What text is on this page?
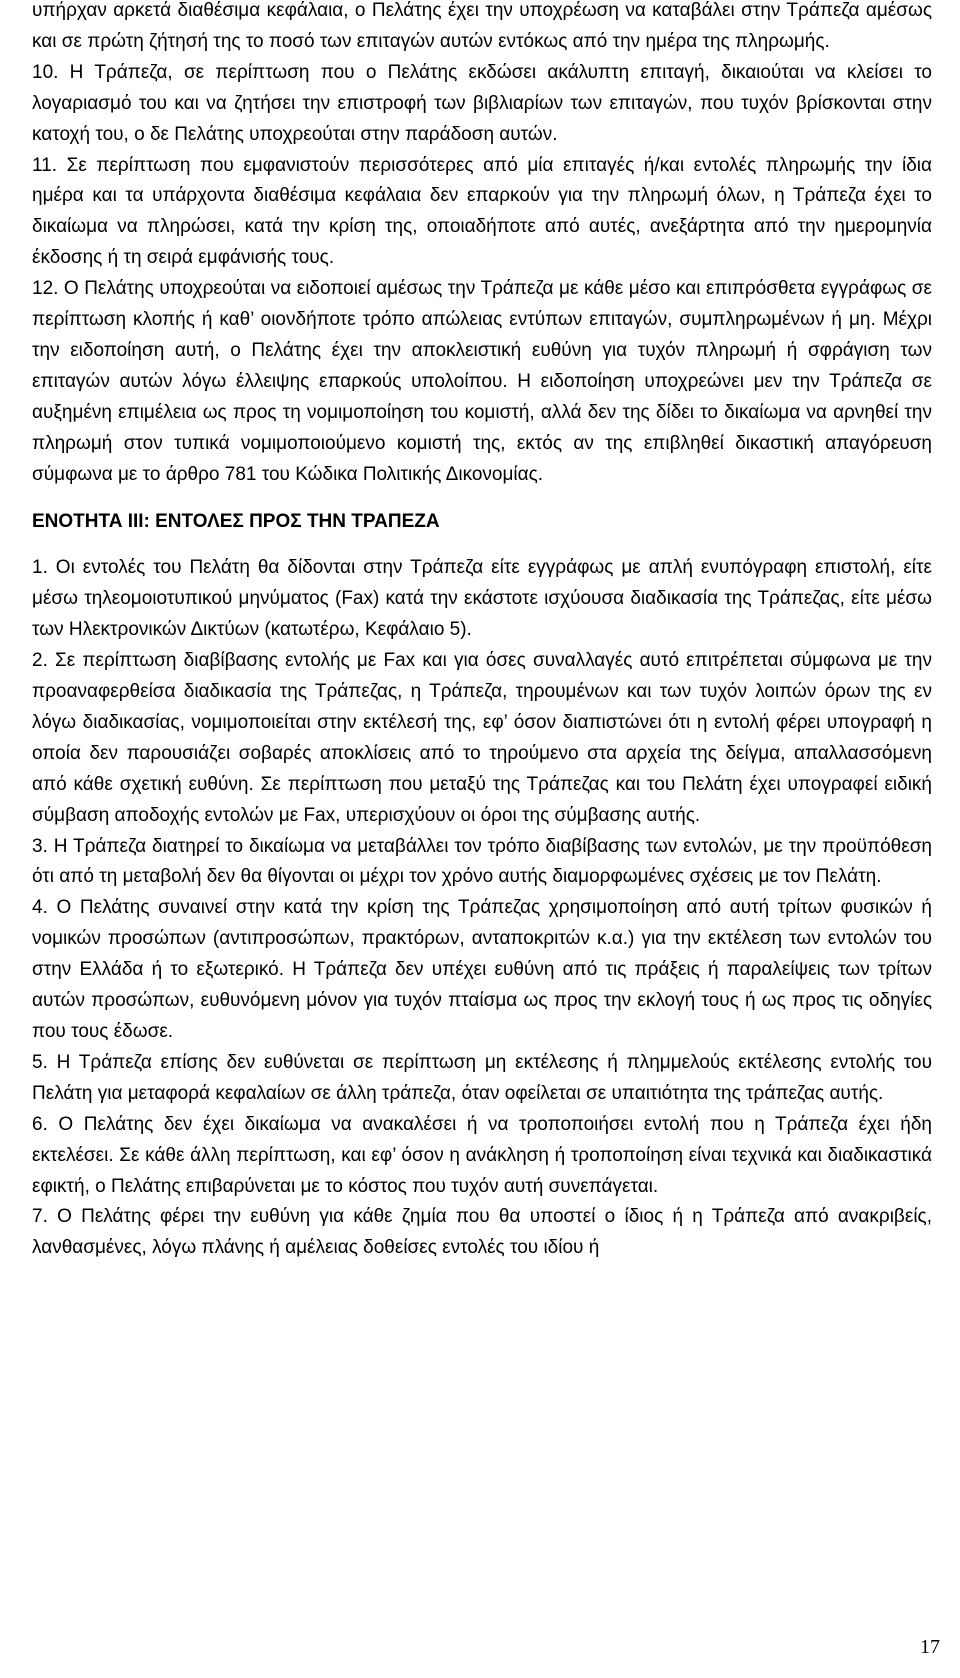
υπήρχαν αρκετά διαθέσιμα κεφάλαια, ο Πελάτης έχει την υποχρέωση να καταβάλει στην Τράπεζα αμέσως και σε πρώτη ζήτησή της το ποσό των επιταγών αυτών εντόκως από την ημέρα της πληρωμής.

10. Η Τράπεζα, σε περίπτωση που ο Πελάτης εκδώσει ακάλυπτη επιταγή, δικαιούται να κλείσει το λογαριασμό του και να ζητήσει την επιστροφή των βιβλιαρίων των επιταγών, που τυχόν βρίσκονται στην κατοχή του, ο δε Πελάτης υποχρεούται στην παράδοση αυτών.

11. Σε περίπτωση που εμφανιστούν περισσότερες από μία επιταγές ή/και εντολές πληρωμής την ίδια ημέρα και τα υπάρχοντα διαθέσιμα κεφάλαια δεν επαρκούν για την πληρωμή όλων, η Τράπεζα έχει το δικαίωμα να πληρώσει, κατά την κρίση της, οποιαδήποτε από αυτές, ανεξάρτητα από την ημερομηνία έκδοσης ή τη σειρά εμφάνισής τους.

12. Ο Πελάτης υποχρεούται να ειδοποιεί αμέσως την Τράπεζα με κάθε μέσο και επιπρόσθετα εγγράφως σε περίπτωση κλοπής ή καθ’ οιονδήποτε τρόπο απώλειας εντύπων επιταγών, συμπληρωμένων ή μη. Μέχρι την ειδοποίηση αυτή, ο Πελάτης έχει την αποκλειστική ευθύνη για τυχόν πληρωμή ή σφράγιση των επιταγών αυτών λόγω έλλειψης επαρκούς υπολοίπου. Η ειδοποίηση υποχρεώνει μεν την Τράπεζα σε αυξημένη επιμέλεια ως προς τη νομιμοποίηση του κομιστή, αλλά δεν της δίδει το δικαίωμα να αρνηθεί την πληρωμή στον τυπικά νομιμοποιούμενο κομιστή της, εκτός αν της επιβληθεί δικαστική απαγόρευση σύμφωνα με το άρθρο 781 του Κώδικα Πολιτικής Δικονομίας.

ΕΝΟΤΗΤΑ ΙΙΙ: ΕΝΤΟΛΕΣ ΠΡΟΣ ΤΗΝ ΤΡΑΠΕΖΑ

1. Οι εντολές του Πελάτη θα δίδονται στην Τράπεζα είτε εγγράφως με απλή ενυπόγραφη επιστολή, είτε μέσω τηλεομοιοτυπικού μηνύματος (Fax) κατά την εκάστοτε ισχύουσα διαδικασία της Τράπεζας, είτε μέσω των Ηλεκτρονικών Δικτύων (κατωτέρω, Κεφάλαιο 5).

2. Σε περίπτωση διαβίβασης εντολής με Fax και για όσες συναλλαγές αυτό επιτρέπεται σύμφωνα με την προαναφερθείσα διαδικασία της Τράπεζας, η Τράπεζα, τηρουμένων και των τυχόν λοιπών όρων της εν λόγω διαδικασίας, νομιμοποιείται στην εκτέλεσή της, εφ’ όσον διαπιστώνει ότι η εντολή φέρει υπογραφή η οποία δεν παρουσιάζει σοβαρές αποκλίσεις από το τηρούμενο στα αρχεία της δείγμα, απαλλασσόμενη από κάθε σχετική ευθύνη. Σε περίπτωση που μεταξύ της Τράπεζας και του Πελάτη έχει υπογραφεί ειδική σύμβαση αποδοχής εντολών με Fax, υπερισχύουν οι όροι της σύμβασης αυτής.

3. Η Τράπεζα διατηρεί το δικαίωμα να μεταβάλλει τον τρόπο διαβίβασης των εντολών, με την προϋπόθεση ότι από τη μεταβολή δεν θα θίγονται οι μέχρι τον χρόνο αυτής διαμορφωμένες σχέσεις με τον Πελάτη.

4. Ο Πελάτης συναινεί στην κατά την κρίση της Τράπεζας χρησιμοποίηση από αυτή τρίτων φυσικών ή νομικών προσώπων (αντιπροσώπων, πρακτόρων, ανταποκριτών κ.α.) για την εκτέλεση των εντολών του στην Ελλάδα ή το εξωτερικό. Η Τράπεζα δεν υπέχει ευθύνη από τις πράξεις ή παραλείψεις των τρίτων αυτών προσώπων, ευθυνόμενη μόνον για τυχόν πταίσμα ως προς την εκλογή τους ή ως προς τις οδηγίες που τους έδωσε.

5. Η Τράπεζα επίσης δεν ευθύνεται σε περίπτωση μη εκτέλεσης ή πλημμελούς εκτέλεσης εντολής του Πελάτη για μεταφορά κεφαλαίων σε άλλη τράπεζα, όταν οφείλεται σε υπαιτιότητα της τράπεζας αυτής.

6. Ο Πελάτης δεν έχει δικαίωμα να ανακαλέσει ή να τροποποιήσει εντολή που η Τράπεζα έχει ήδη εκτελέσει. Σε κάθε άλλη περίπτωση, και εφ’ όσον η ανάκληση ή τροποποίηση είναι τεχνικά και διαδικαστικά εφικτή, ο Πελάτης επιβαρύνεται με το κόστος που τυχόν αυτή συνεπάγεται.

7. Ο Πελάτης φέρει την ευθύνη για κάθε ζημία που θα υποστεί ο ίδιος ή η Τράπεζα από ανακριβείς, λανθασμένες, λόγω πλάνης ή αμέλειας δοθείσες εντολές του ιδίου ή

17
